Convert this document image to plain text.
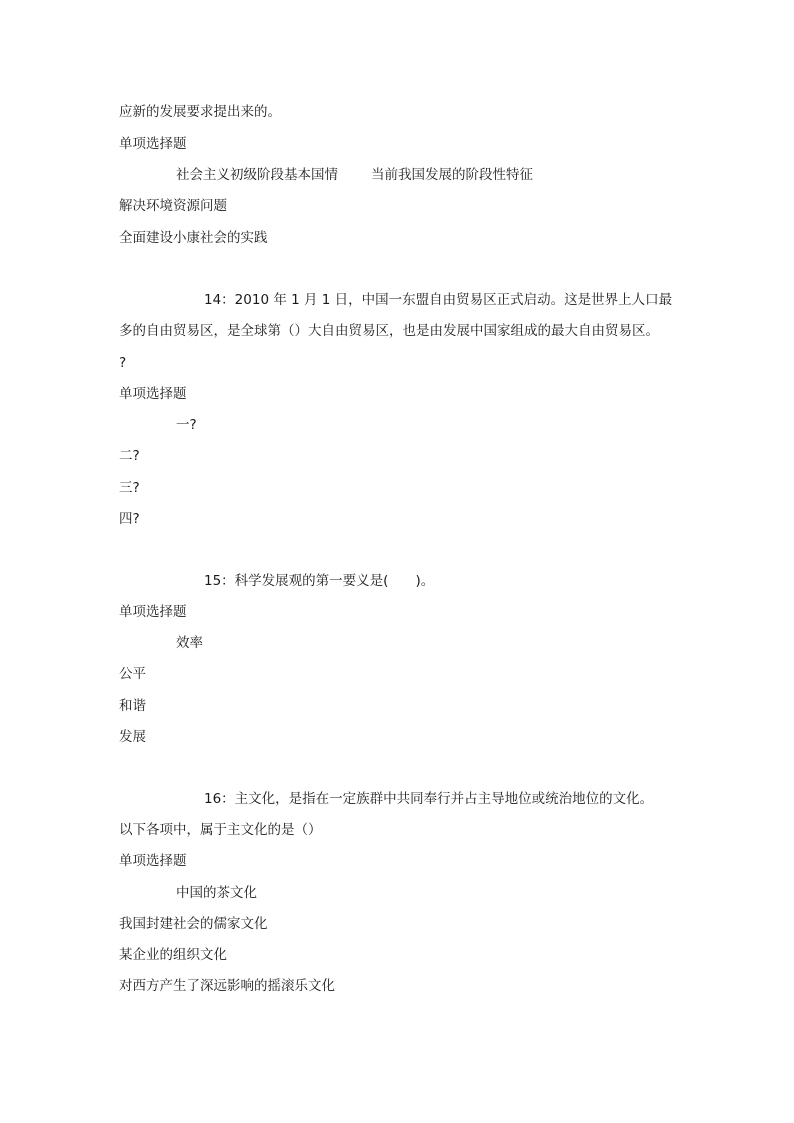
应新的发展要求提出来的。
单项选择题
社会主义初级阶段基本国情 当前我国发展的阶段性特征
解决环境资源问题
全面建设小康社会的实践
14：2010 年 1 月 1 日，中国一东盟自由贸易区正式启动。这是世界上人口最
多的自由贸易区，是全球第（）大自由贸易区，也是由发展中国家组成的最大自由贸易区。
?
单项选择题
一?
二?
三?
四?
15：科学发展观的第一要义是(　　)。
单项选择题
效率
公平
和谐
发展
16：主文化，是指在一定族群中共同奉行并占主导地位或统治地位的文化。
以下各项中，属于主文化的是（）
单项选择题
中国的茶文化
我国封建社会的儒家文化
某企业的组织文化
对西方产生了深远影响的摇滚乐文化
